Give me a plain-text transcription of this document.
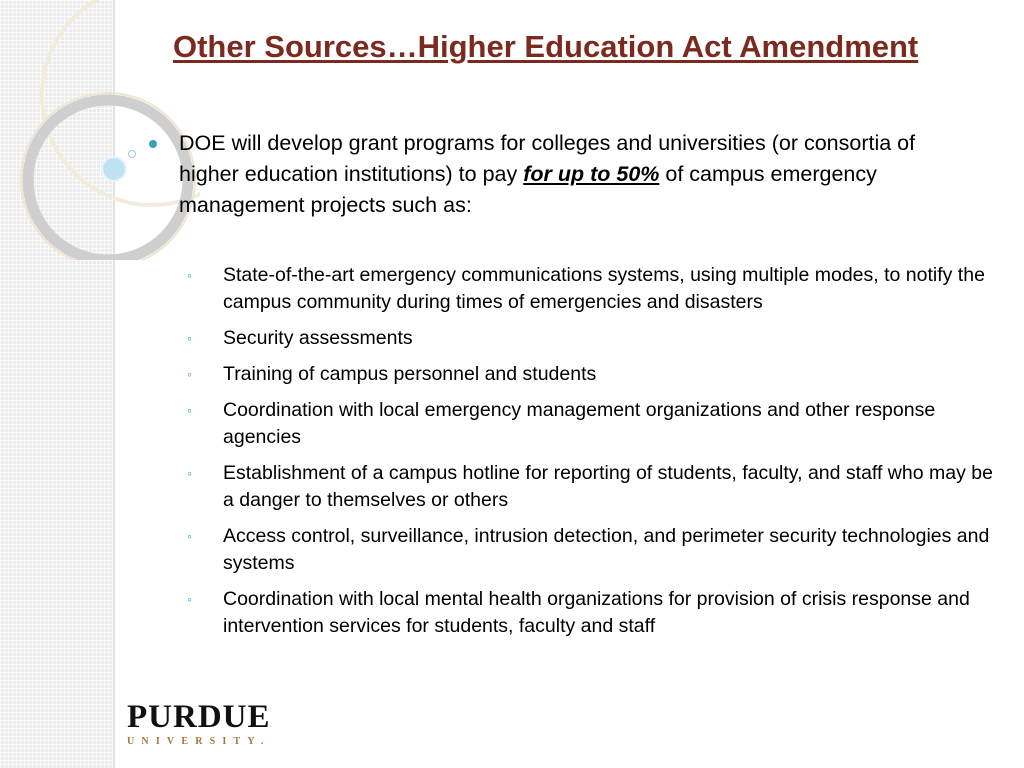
Other Sources…Higher Education Act Amendment
DOE will develop grant programs for colleges and universities (or consortia of higher education institutions) to pay for up to 50% of campus emergency management projects such as:
◦	State-of-the-art emergency communications systems, using multiple modes, to notify the campus community during times of emergencies and disasters
◦	Security assessments
◦	Training of campus personnel and students
◦	Coordination with local emergency management organizations and other response agencies
◦	Establishment of a campus hotline for reporting of students, faculty, and staff who may be a danger to themselves or others
◦	Access control, surveillance, intrusion detection, and perimeter security technologies and systems
◦	Coordination with local mental health organizations for provision of crisis response and intervention services for students, faculty and staff
PURDUE
UNIVERSITY.
